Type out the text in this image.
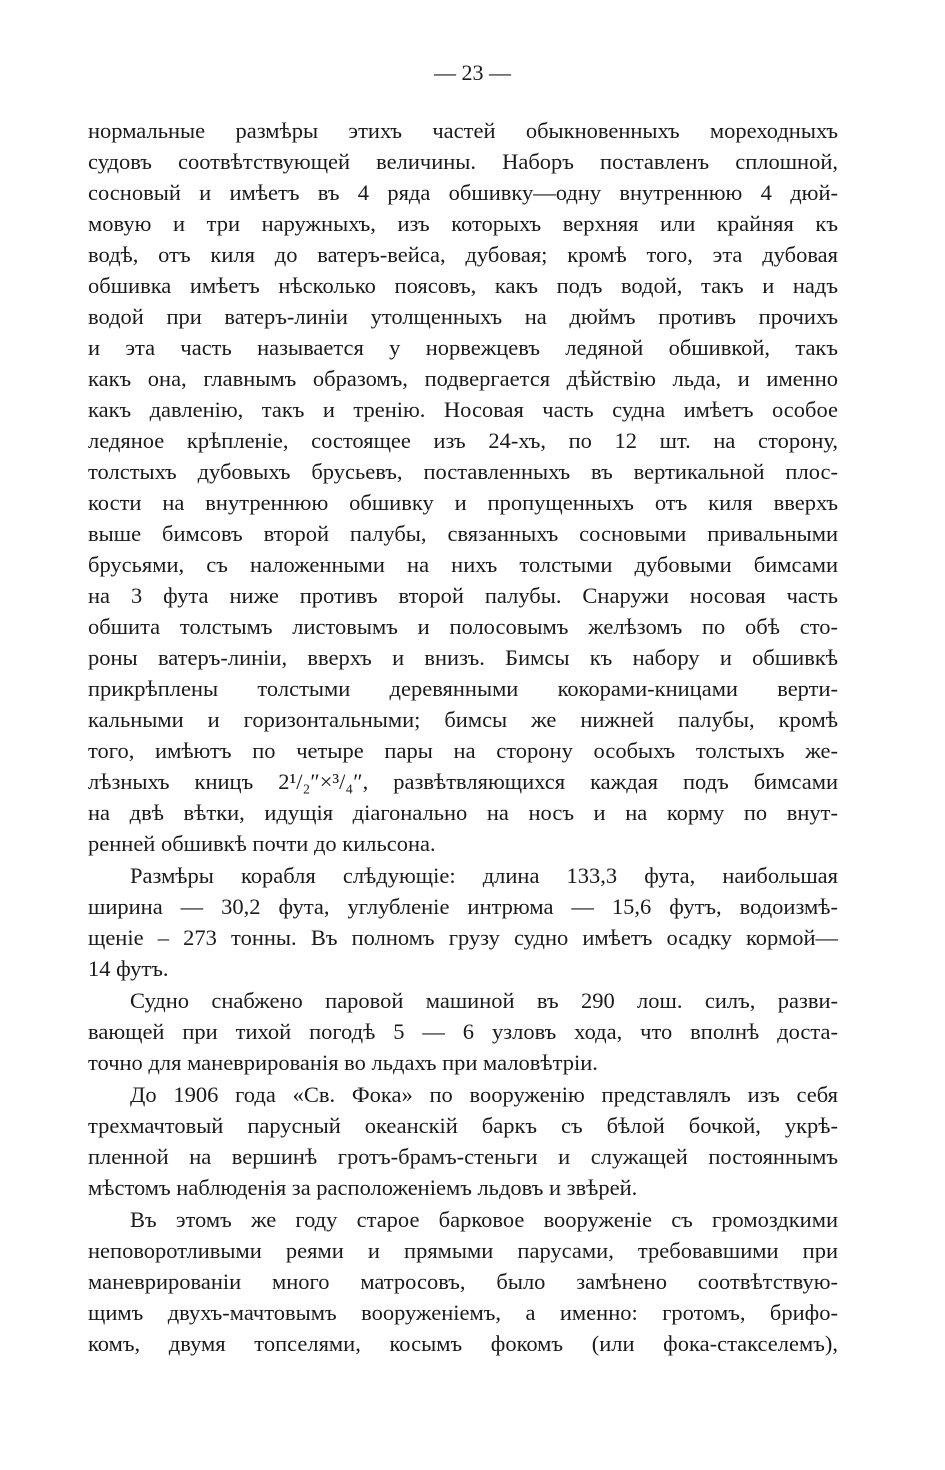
— 23 —
нормальные размѣры этихъ частей обыкновенныхъ мореходныхъ
судовъ соотвѣтствующей величины. Наборъ поставленъ сплошной,
сосновый и имѣетъ въ 4 ряда обшивку—одну внутреннюю 4 дюй-
мовую и три наружныхъ, изъ которыхъ верхняя или крайняя къ
водѣ, отъ киля до ватеръ-вейса, дубовая; кромѣ того, эта дубовая
обшивка имѣетъ нѣсколько поясовъ, какъ подъ водой, такъ и надъ
водой при ватеръ-линіи утолщенныхъ на дюймъ противъ прочихъ
и эта часть называется у норвежцевъ ледяной обшивкой, такъ
какъ она, главнымъ образомъ, подвергается дѣйствію льда, и именно
какъ давленію, такъ и тренію. Носовая часть судна имѣетъ особое
ледяное крѣпленіе, состоящее изъ 24-хъ, по 12 шт. на сторону,
толстыхъ дубовыхъ брусьевъ, поставленныхъ въ вертикальной плос-
кости на внутреннюю обшивку и пропущенныхъ отъ киля вверхъ
выше бимсовъ второй палубы, связанныхъ сосновыми привальными
брусьями, съ наложенными на нихъ толстыми дубовыми бимсами
на 3 фута ниже противъ второй палубы. Снаружи носовая часть
обшита толстымъ листовымъ и полосовымъ желѣзомъ по обѣ сто-
роны ватеръ-линіи, вверхъ и внизъ. Бимсы къ набору и обшивкѣ
прикрѣплены толстыми деревянными кокорами-кницами верти-
кальными и горизонтальными; бимсы же нижней палубы, кромѣ
того, имѣютъ по четыре пары на сторону особыхъ толстыхъ же-
лѣзныхъ кницъ 2¹/₂″×³/₄″, развѣтвляющихся каждая подъ бимсами
на двѣ вѣтки, идущія діагонально на носъ и на корму по внут-
ренней обшивкѣ почти до кильсона.
Размѣры корабля слѣдующіе: длина 133,3 фута, наибольшая
ширина — 30,2 фута, углубленіе интрюма — 15,6 футъ, водоизмѣ-
щеніе – 273 тонны. Въ полномъ грузу судно имѣетъ осадку кормой—
14 футъ.
Судно снабжено паровой машиной въ 290 лош. силъ, разви-
вающей при тихой погодѣ 5 — 6 узловъ хода, что вполнѣ доста-
точно для маневрированія во льдахъ при маловѣтріи.
До 1906 года «Св. Фока» по вооруженію представлялъ изъ себя
трехмачтовый парусный океанскій баркъ съ бѣлой бочкой, укрѣ-
пленной на вершинѣ гротъ-брамъ-стеньги и служащей постояннымъ
мѣстомъ наблюденія за расположеніемъ льдовъ и звѣрей.
Въ этомъ же году старое барковое вооруженіе съ громоздкими
неповоротливыми реями и прямыми парусами, требовавшими при
маневрированіи много матросовъ, было замѣнено соотвѣтствую-
щимъ двухъ-мачтовымъ вооруженіемъ, а именно: гротомъ, брифо-
комъ, двумя топселями, косымъ фокомъ (или фока-стакселемъ),
